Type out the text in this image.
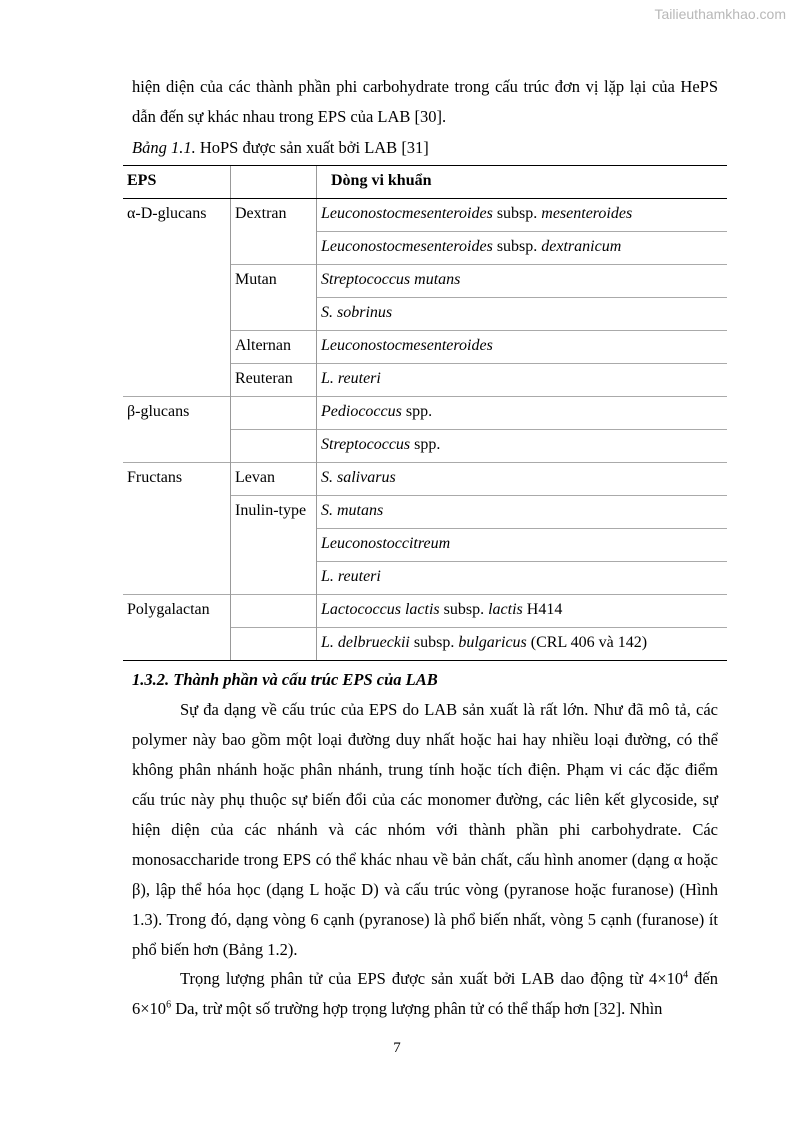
Tailieuthamkhao.com
hiện diện của các thành phần phi carbohydrate trong cấu trúc đơn vị lặp lại của HePS dẫn đến sự khác nhau trong EPS của LAB [30].
Bảng 1.1. HoPS được sản xuất bởi LAB [31]
EPS		Dòng vi khuẩn
α-D-glucans	Dextran	Leuconostocmesenteroides subsp. mesenteroides
		Leuconostocmesenteroides subsp. dextranicum
	Mutan	Streptococcus mutans
		S. sobrinus
	Alternan	Leuconostocmesenteroides
	Reuteran	L. reuteri
β-glucans		Pediococcus spp.
		Streptococcus spp.
Fructans	Levan	S. salivarus
	Inulin-type	S. mutans
		Leuconostoccitreum
		L. reuteri
Polygalactan		Lactococcus lactis subsp. lactis H414
		L. delbrueckii subsp. bulgaricus (CRL 406 và 142)
1.3.2. Thành phần và cấu trúc EPS của LAB
Sự đa dạng về cấu trúc của EPS do LAB sản xuất là rất lớn. Như đã mô tả, các polymer này bao gồm một loại đường duy nhất hoặc hai hay nhiều loại đường, có thể không phân nhánh hoặc phân nhánh, trung tính hoặc tích điện. Phạm vi các đặc điểm cấu trúc này phụ thuộc sự biến đổi của các monomer đường, các liên kết glycoside, sự hiện diện của các nhánh và các nhóm với thành phần phi carbohydrate. Các monosaccharide trong EPS có thể khác nhau về bản chất, cấu hình anomer (dạng α hoặc β), lập thể hóa học (dạng L hoặc D) và cấu trúc vòng (pyranose hoặc furanose) (Hình 1.3). Trong đó, dạng vòng 6 cạnh (pyranose) là phổ biến nhất, vòng 5 cạnh (furanose) ít phổ biến hơn (Bảng 1.2).
Trọng lượng phân tử của EPS được sản xuất bởi LAB dao động từ $4\times 10^4$ đến $6\times 10^6$ Da, trừ một số trường hợp trọng lượng phân tử có thể thấp hơn [32]. Nhìn
7
